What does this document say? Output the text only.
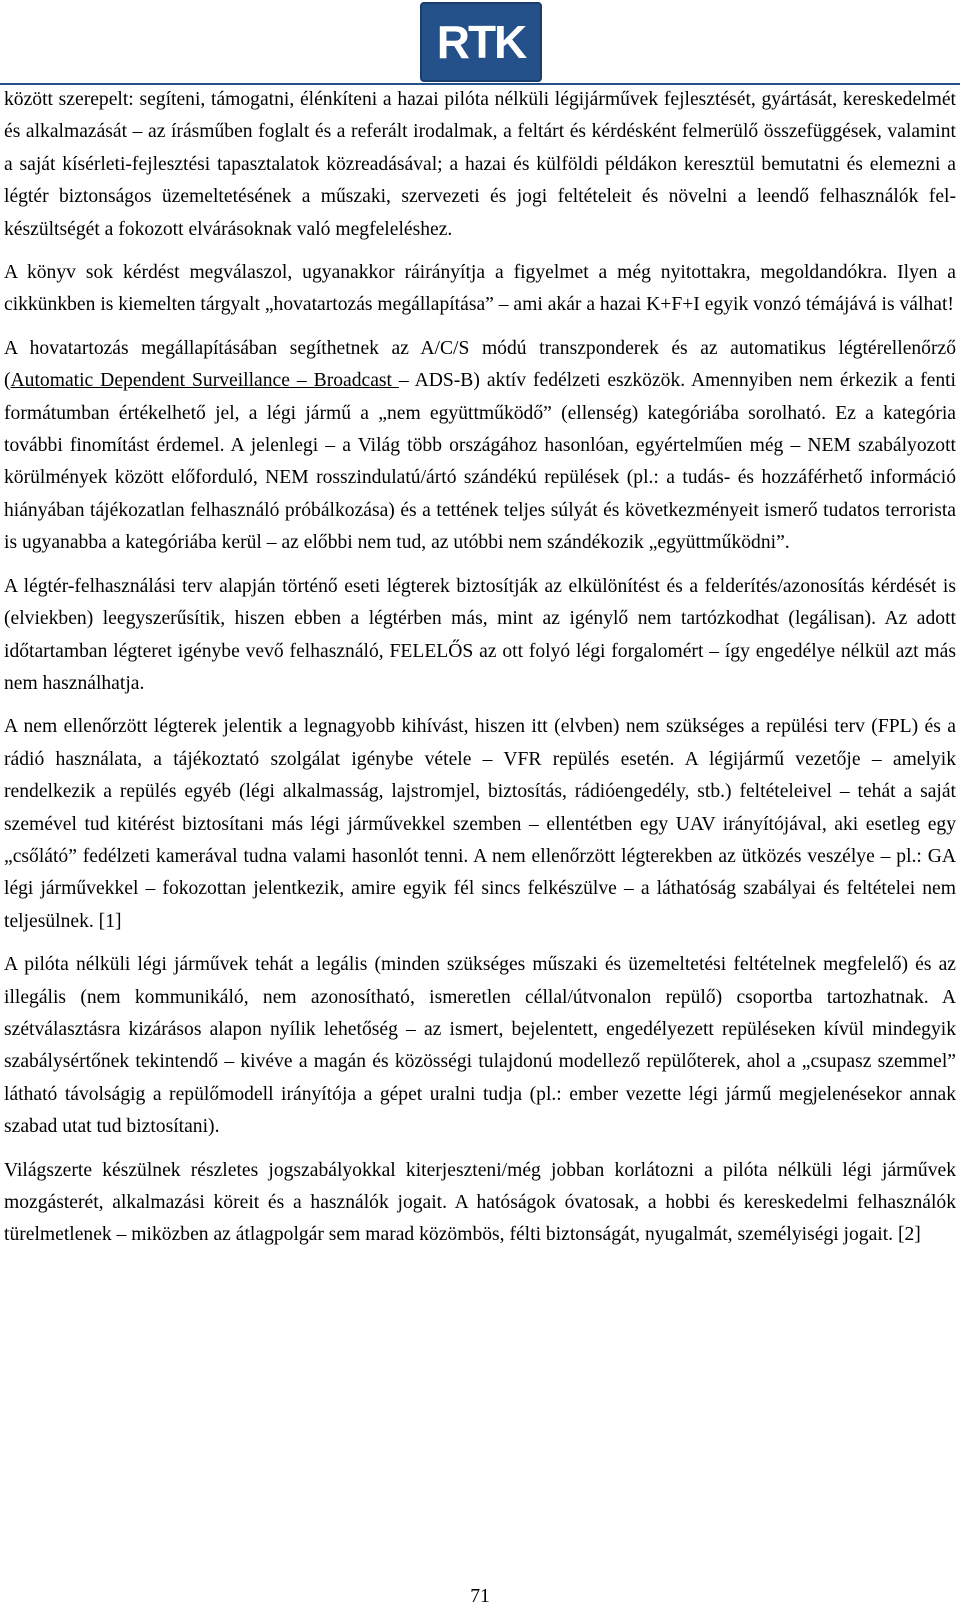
RTK

között szerepelt: segíteni, támogatni, élénkíteni a hazai pilóta nélküli légijárművek fejlesztését, gyártását, kereskedelmét és alkalmazását – az írásműben foglalt és a referált irodalmak, a feltárt és kérdésként felmerülő összefüggések, valamint a saját kísérleti-fejlesztési tapasztalatok közreadásával; a hazai és külföldi példákon keresztül bemutatni és elemezni a légtér biztonságos üzemeltetésének a műszaki, szervezeti és jogi feltételeit és növelni a leendő felhasználók felkészültségét a fokozott elvárásoknak való megfeleléshez.

A könyv sok kérdést megválaszol, ugyanakkor ráirányítja a figyelmet a még nyitottakra, megoldandókra. Ilyen a cikkünkben is kiemelten tárgyalt „hovatartozás megállapítása” – ami akár a hazai K+F+I egyik vonzó témájává is válhat!

A hovatartozás megállapításában segíthetnek az A/C/S módú transzponderek és az automatikus légtérellenőrző (Automatic Dependent Surveillance – Broadcast – ADS-B) aktív fedélzeti eszközök. Amennyiben nem érkezik a fenti formátumban értékelhető jel, a légi jármű a „nem együttműködő” (ellenség) kategóriába sorolható. Ez a kategória további finomítást érdemel. A jelenlegi – a Világ több országához hasonlóan, egyértelműen még – NEM szabályozott körülmények között előforduló, NEM rosszindulatú/ártó szándékú repülések (pl.: a tudás- és hozzáférhető információ hiányában tájékozatlan felhasználó próbálkozása) és a tettének teljes súlyát és következményeit ismerő tudatos terrorista is ugyanabba a kategóriába kerül – az előbbi nem tud, az utóbbi nem szándékozik „együttműködni”.

A légtér-felhasználási terv alapján történő eseti légterek biztosítják az elkülönítést és a felderítés/azonosítás kérdését is (elviekben) leegyszerűsítik, hiszen ebben a légtérben más, mint az igénylő nem tartózkodhat (legálisan). Az adott időtartamban légteret igénybe vevő felhasználó, FELELŐS az ott folyó légi forgalomért – így engedélye nélkül azt más nem használhatja.

A nem ellenőrzött légterek jelentik a legnagyobb kihívást, hiszen itt (elvben) nem szükséges a repülési terv (FPL) és a rádió használata, a tájékoztató szolgálat igénybe vétele – VFR repülés esetén. A légijármű vezetője – amelyik rendelkezik a repülés egyéb (légi alkalmasság, lajstromjel, biztosítás, rádióengedély, stb.) feltételeivel – tehát a saját szemével tud kitérést biztosítani más légi járművekkel szemben – ellentétben egy UAV irányítójával, aki esetleg egy „csőlátó” fedélzeti kamerával tudna valami hasonlót tenni. A nem ellenőrzött légterekben az ütközés veszélye – pl.: GA légi járművekkel – fokozottan jelentkezik, amire egyik fél sincs felkészülve – a láthatóság szabályai és feltételei nem teljesülnek. [1]

A pilóta nélküli légi járművek tehát a legális (minden szükséges műszaki és üzemeltetési feltételnek megfelelő) és az illegális (nem kommunikáló, nem azonosítható, ismeretlen céllal/útvonalon repülő) csoportba tartozhatnak. A szétválasztásra kizárásos alapon nyílik lehetőség – az ismert, bejelentett, engedélyezett repüléseken kívül mindegyik szabálysértőnek tekintendő – kivéve a magán és közösségi tulajdonú modellező repülőterek, ahol a „csupasz szemmel” látható távolságig a repülőmodell irányítója a gépet uralni tudja (pl.: ember vezette légi jármű megjelenésekor annak szabad utat tud biztosítani).

Világszerte készülnek részletes jogszabályokkal kiterjeszteni/még jobban korlátozni a pilóta nélküli légi járművek mozgásterét, alkalmazási köreit és a használók jogait. A hatóságok óvatosak, a hobbi és kereskedelmi felhasználók türelmetlenek – miközben az átlagpolgár sem marad közömbös, félti biztonságát, nyugalmát, személyiségi jogait. [2]

71
